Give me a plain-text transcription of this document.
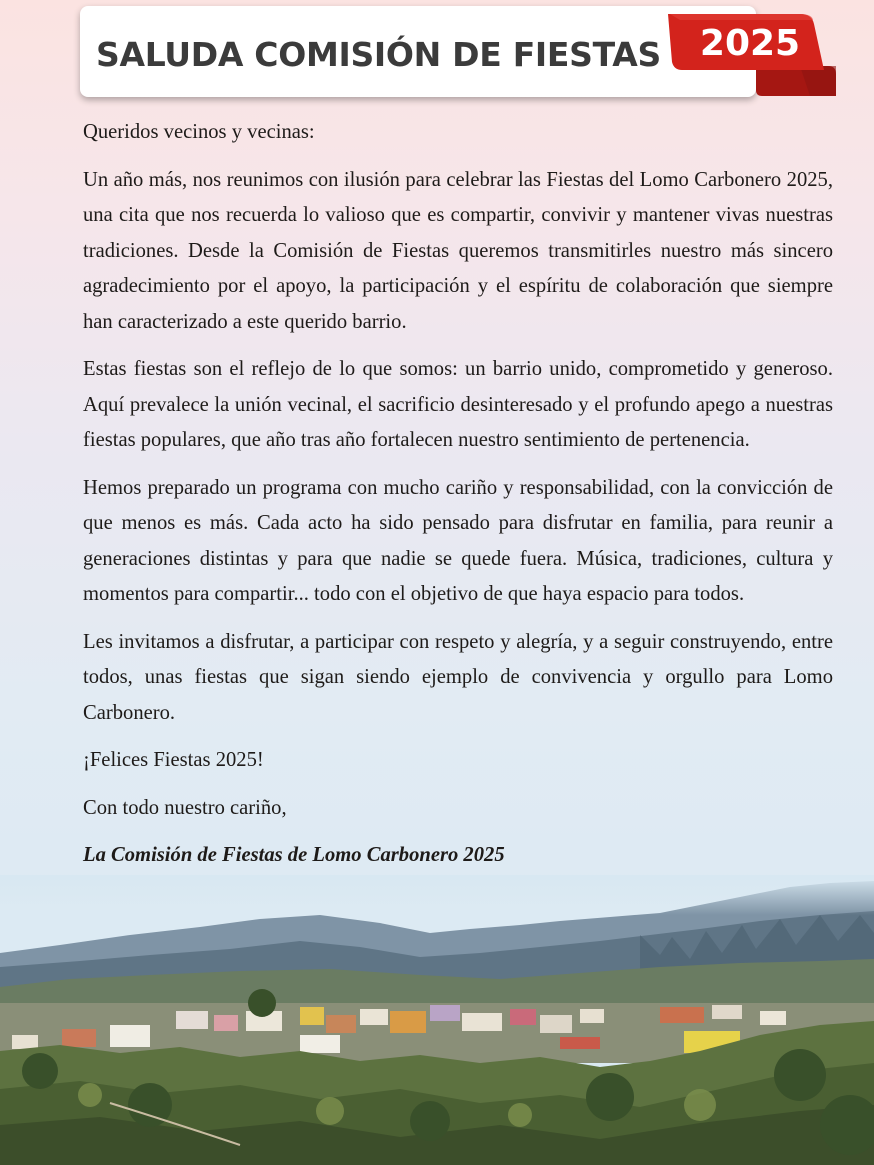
SALUDA COMISIÓN DE FIESTAS	2025

Queridos vecinos y vecinas:

Un año más, nos reunimos con ilusión para celebrar las Fiestas del Lomo Carbonero 2025, una cita que nos recuerda lo valioso que es compartir, convivir y mantener vivas nuestras tradiciones. Desde la Comisión de Fiestas queremos transmitirles nuestro más sincero agradecimiento por el apoyo, la participación y el espíritu de colaboración que siempre han caracterizado a este querido barrio.

Estas fiestas son el reflejo de lo que somos: un barrio unido, comprometido y generoso. Aquí prevalece la unión vecinal, el sacrificio desinteresado y el profundo apego a nuestras fiestas populares, que año tras año fortalecen nuestro sentimiento de pertenencia.

Hemos preparado un programa con mucho cariño y responsabilidad, con la convicción de que menos es más. Cada acto ha sido pensado para disfrutar en familia, para reunir a generaciones distintas y para que nadie se quede fuera. Música, tradiciones, cultura y momentos para compartir... todo con el objetivo de que haya espacio para todos.

Les invitamos a disfrutar, a participar con respeto y alegría, y a seguir construyendo, entre todos, unas fiestas que sigan siendo ejemplo de convivencia y orgullo para Lomo Carbonero.

¡Felices Fiestas 2025!

Con todo nuestro cariño,

La Comisión de Fiestas de Lomo Carbonero 2025
